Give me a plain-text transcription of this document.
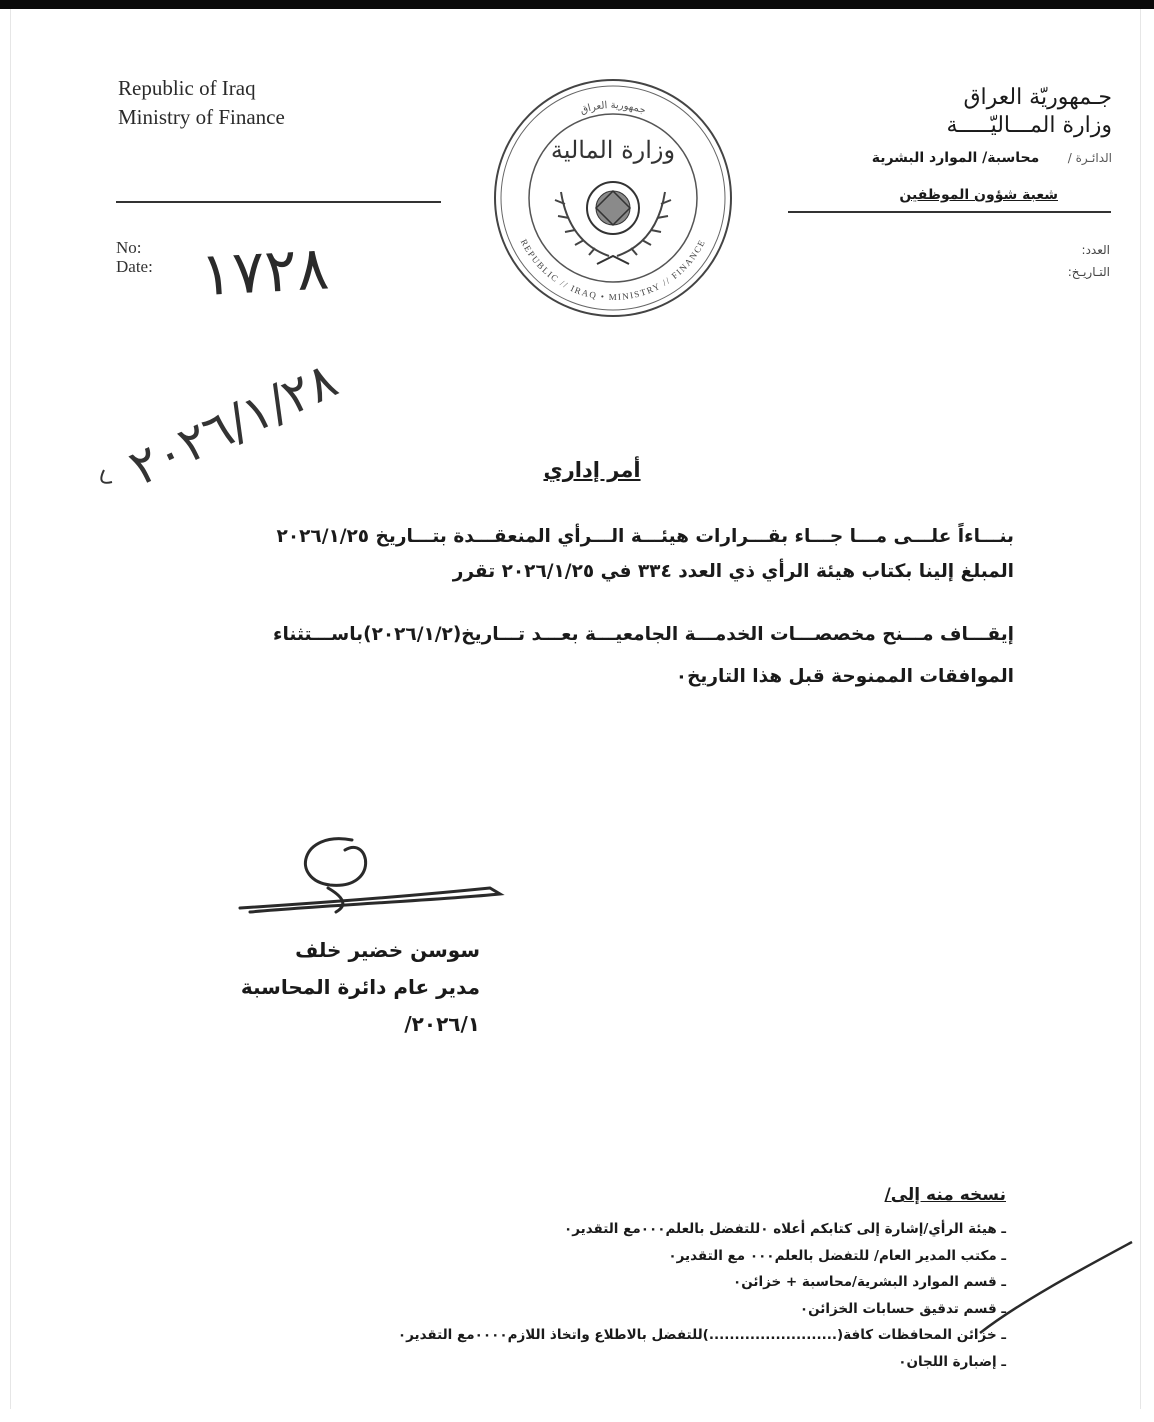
Republic of Iraq
Ministry of Finance
No:
Date:
جـمهوريّة العراق
وزارة المـــاليّـــــة
الدائـرة / محاسبة/ الموارد البشرية
شعبة شؤون الموظفين
العدد:
التـاريـخ:
جمهورية العراق
REPUBLIC // IRAQ • MINISTRY // FINANCE
وزارة المالية
١٧٢٨
٢٠٢٦/١/٢٨	أمر إداري
بنـــاءاً علـــى مـــا جـــاء بقـــرارات هيئـــة الـــرأي المنعقـــدة بتـــاريخ ٢٠٢٦/١/٢٥
المبلغ إلينا بكتاب هيئة الرأي ذي العدد ٣٣٤ في ٢٠٢٦/١/٢٥ تقرر
إيقـــاف مـــنح مخصصـــات الخدمـــة الجامعيـــة بعـــد تـــاريخ(٢٠٢٦/١/٢)باســـتثناء
الموافقات الممنوحة قبل هذا التاريخ٠
سوسن خضير خلف
مدير عام دائرة المحاسبة
٢٠٢٦/١/
نسخه منه إلى/
ـ هيئة الرأي/إشارة إلى كتابكم أعلاه ٠للتفضل بالعلم٠٠٠مع التقدير٠
ـ مكتب المدير العام/ للتفضل بالعلم٠٠٠ مع التقدير٠
ـ قسم الموارد البشرية/محاسبة + خزائن٠
ـ قسم تدقيق حسابات الخزائن٠
ـ خزائن المحافظات كافة(.........................)للتفضل بالاطلاع واتخاذ اللازم٠٠٠٠مع التقدير٠
ـ إضبارة اللجان٠
